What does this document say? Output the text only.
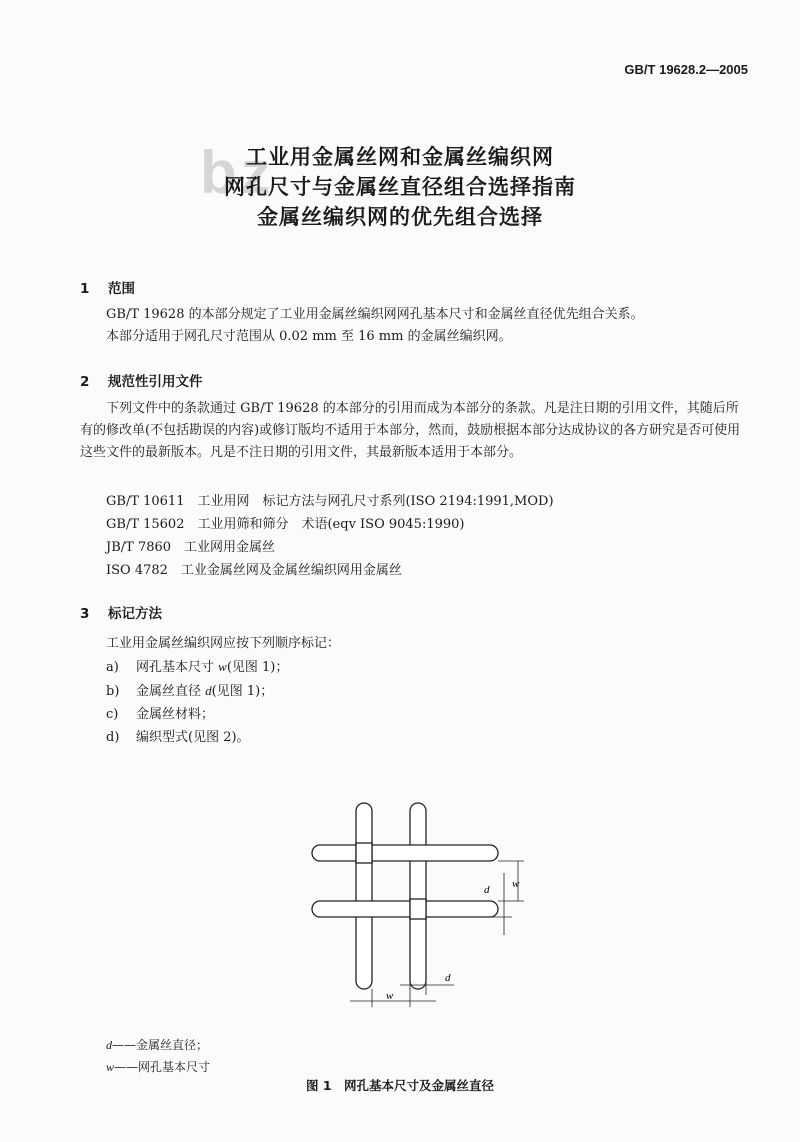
GB/T 19628.2—2005
bz
工业用金属丝网和金属丝编织网
网孔尺寸与金属丝直径组合选择指南
金属丝编织网的优先组合选择
1 范围
GB/T 19628 的本部分规定了工业用金属丝编织网网孔基本尺寸和金属丝直径优先组合关系。
本部分适用于网孔尺寸范围从 0.02 mm 至 16 mm 的金属丝编织网。
2 规范性引用文件
下列文件中的条款通过 GB/T 19628 的本部分的引用而成为本部分的条款。凡是注日期的引用文件，其随后所有的修改单(不包括勘误的内容)或修订版均不适用于本部分，然而，鼓励根据本部分达成协议的各方研究是否可使用这些文件的最新版本。凡是不注日期的引用文件，其最新版本适用于本部分。
GB/T 10611　工业用网　标记方法与网孔尺寸系列(ISO 2194:1991,MOD)
GB/T 15602　工业用筛和筛分　术语(eqv ISO 9045:1990)
JB/T 7860　工业网用金属丝
ISO 4782　工业金属丝网及金属丝编织网用金属丝
3 标记方法
工业用金属丝编织网应按下列顺序标记：
a) 网孔基本尺寸 w(见图 1)；
b) 金属丝直径 d(见图 1)；
c) 金属丝材料；
d) 编织型式(见图 2)。
w
d
w
d
d——金属丝直径；
w——网孔基本尺寸
图 1　网孔基本尺寸及金属丝直径
